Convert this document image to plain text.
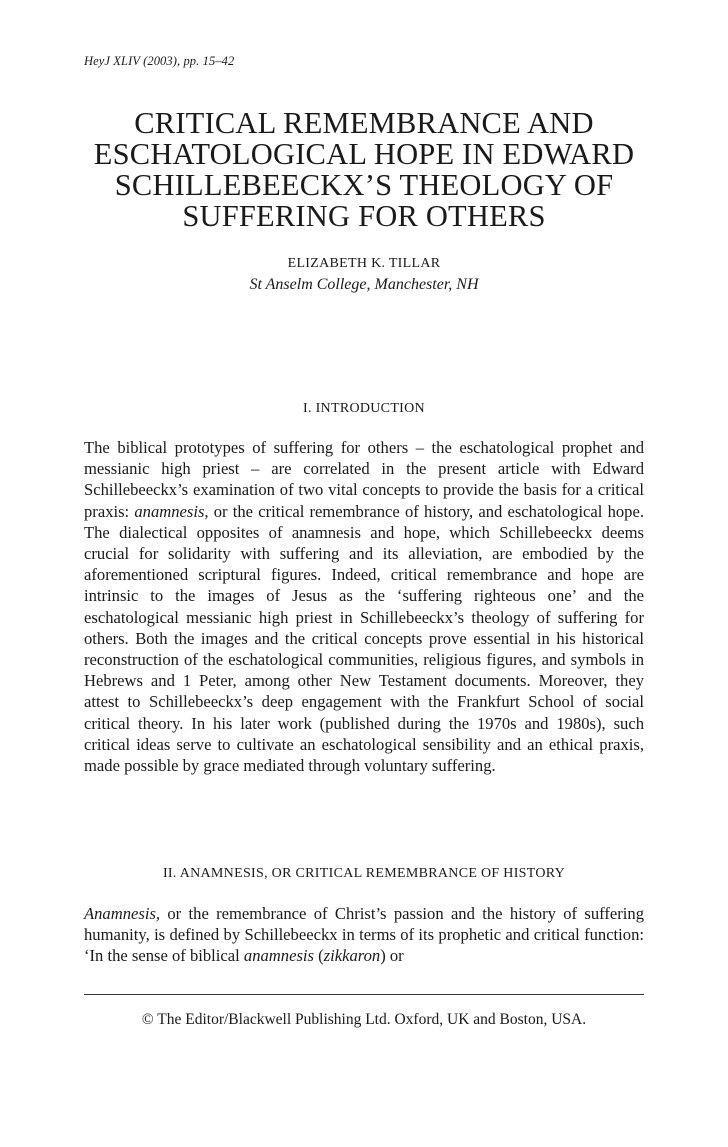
HeyJ XLIV (2003), pp. 15–42
CRITICAL REMEMBRANCE AND
ESCHATOLOGICAL HOPE IN EDWARD
SCHILLEBEECKX’S THEOLOGY OF
SUFFERING FOR OTHERS
ELIZABETH K. TILLAR
St Anselm College, Manchester, NH
I. INTRODUCTION

The biblical prototypes of suffering for others – the eschatological prophet and messianic high priest – are correlated in the present article with Edward Schillebeeckx’s examination of two vital concepts to provide the basis for a critical praxis: anamnesis, or the critical remembrance of history, and eschatological hope. The dialectical opposites of anamnesis and hope, which Schillebeeckx deems crucial for solidarity with suffering and its alleviation, are embodied by the aforementioned scriptural figures. Indeed, critical remembrance and hope are intrinsic to the images of Jesus as the ‘suffering righteous one’ and the eschatological messianic high priest in Schillebeeckx’s theology of suffering for others. Both the images and the critical concepts prove essential in his historical reconstruction of the eschatological communities, religious figures, and symbols in Hebrews and 1 Peter, among other New Testament documents. Moreover, they attest to Schillebeeckx’s deep engagement with the Frankfurt School of social critical theory. In his later work (published during the 1970s and 1980s), such critical ideas serve to cultivate an eschatological sensibility and an ethical praxis, made possible by grace mediated through voluntary suffering.

II. ANAMNESIS, OR CRITICAL REMEMBRANCE OF HISTORY

Anamnesis, or the remembrance of Christ’s passion and the history of suffering humanity, is defined by Schillebeeckx in terms of its prophetic and critical function: ‘In the sense of biblical anamnesis (zikkaron) or

© The Editor/Blackwell Publishing Ltd. Oxford, UK and Boston, USA.
